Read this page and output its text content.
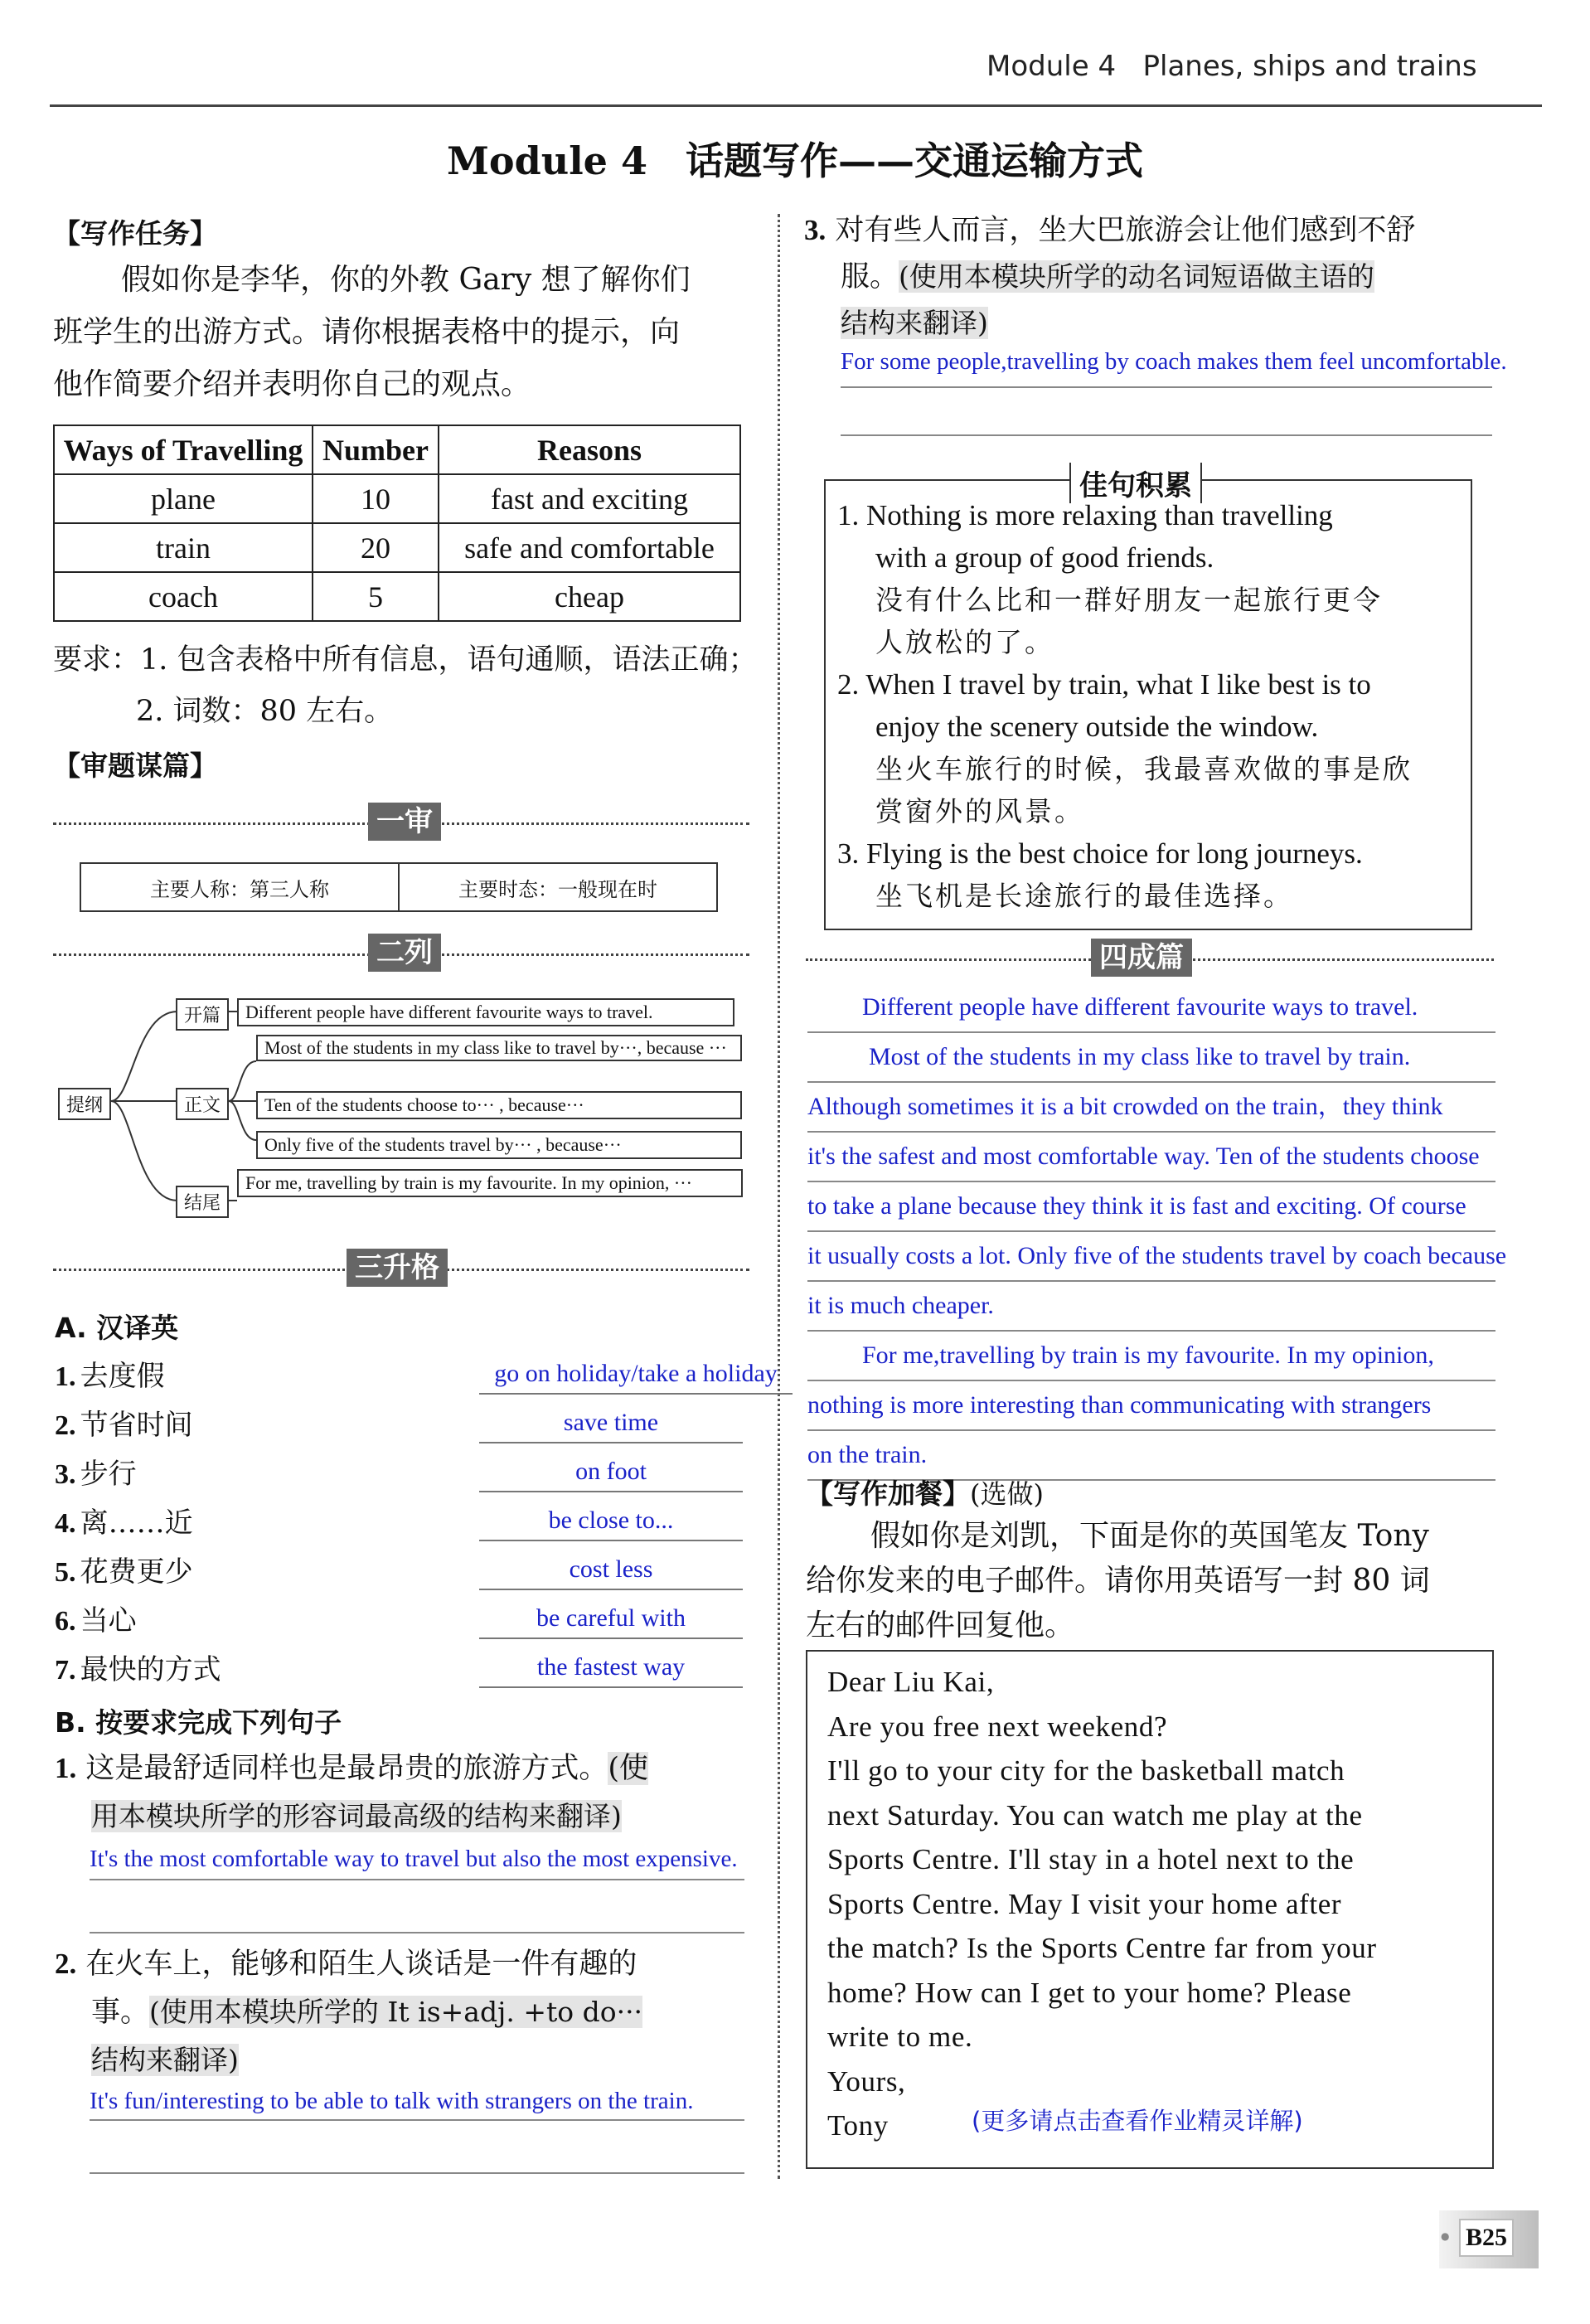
Module 4 Planes, ships and trains
Module 4　话题写作——交通运输方式
【写作任务】
假如你是李华，你的外教 Gary 想了解你们
班学生的出游方式。请你根据表格中的提示，向
他作简要介绍并表明你自己的观点。
Ways of Travelling	Number	Reasons
plane	10	fast and exciting
train	20	safe and comfortable
coach	5	cheap
要求：1. 包含表格中所有信息，语句通顺，语法正确；
2. 词数：80 左右。
【审题谋篇】
一审
主要人称：第三人称	主要时态：一般现在时
二列
提纲
开篇
正文
结尾
Different people have different favourite ways to travel.
Most of the students in my class like to travel by···, because ···
Ten of the students choose to··· , because···
Only five of the students travel by··· , because···
For me, travelling by train is my favourite. In my opinion, ···
三升格
A. 汉译英
1. 去度假	go on holiday/take a holiday
2. 节省时间	save time
3. 步行	on foot
4. 离……近	be close to...
5. 花费更少	cost less
6. 当心	be careful with
7. 最快的方式	the fastest way
B. 按要求完成下列句子
1. 这是最舒适同样也是最昂贵的旅游方式。(使
用本模块所学的形容词最高级的结构来翻译)
It's the most comfortable way to travel but also the most expensive.
2. 在火车上，能够和陌生人谈话是一件有趣的
事。(使用本模块所学的 It is+adj. +to do···
结构来翻译)
It's fun/interesting to be able to talk with strangers on the train.
3. 对有些人而言，坐大巴旅游会让他们感到不舒
服。(使用本模块所学的动名词短语做主语的
结构来翻译)
For some people,travelling by coach makes them feel uncomfortable.
佳句积累
1. Nothing is more relaxing than travelling
with a group of good friends.
没有什么比和一群好朋友一起旅行更令
人放松的了。
2. When I travel by train, what I like best is to
enjoy the scenery outside the window.
坐火车旅行的时候，我最喜欢做的事是欣
赏窗外的风景。
3. Flying is the best choice for long journeys.
坐飞机是长途旅行的最佳选择。
四成篇
Different people have different favourite ways to travel.
Most of the students in my class like to travel by train.
Although sometimes it is a bit crowded on the train，they think
it's the safest and most comfortable way. Ten of the students choose
to take a plane because they think it is fast and exciting. Of course
it usually costs a lot. Only five of the students travel by coach because
it is much cheaper.
For me,travelling by train is my favourite. In my opinion,
nothing is more interesting than communicating with strangers
on the train.
【写作加餐】(选做)
假如你是刘凯，下面是你的英国笔友 Tony
给你发来的电子邮件。请你用英语写一封 80 词
左右的邮件回复他。
Dear Liu Kai,
Are you free next weekend?
I'll go to your city for the basketball match
next Saturday. You can watch me play at the
Sports Centre. I'll stay in a hotel next to the
Sports Centre. May I visit your home after
the match? Is the Sports Centre far from your
home? How can I get to your home? Please
write to me.
Yours,
Tony	(更多请点击查看作业精灵详解)
● B25
